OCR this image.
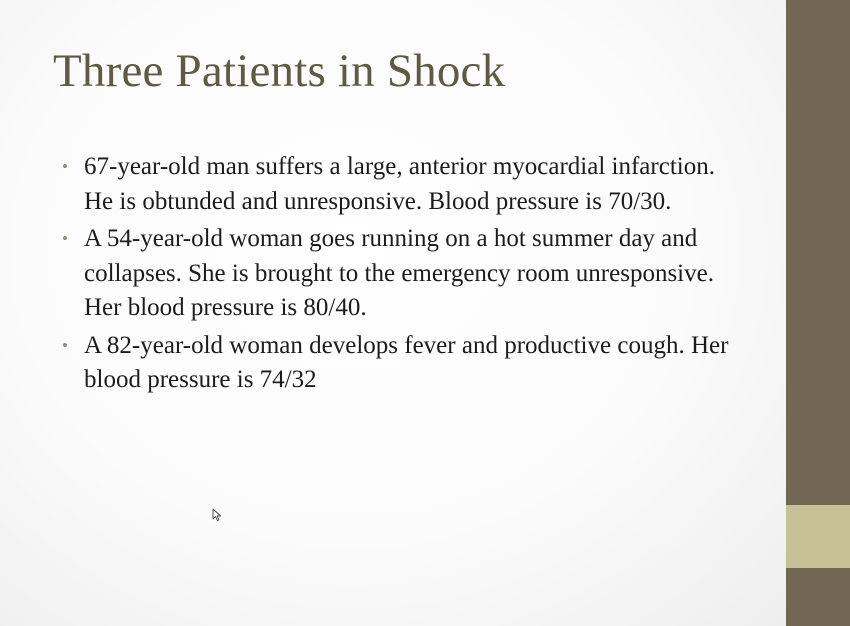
Three Patients in Shock
• 67-year-old man suffers a large, anterior myocardial infarction. He is obtunded and unresponsive. Blood pressure is 70/30.
• A 54-year-old woman goes running on a hot summer day and collapses. She is brought to the emergency room unresponsive. Her blood pressure is 80/40.
• A 82-year-old woman develops fever and productive cough. Her blood pressure is 74/32
